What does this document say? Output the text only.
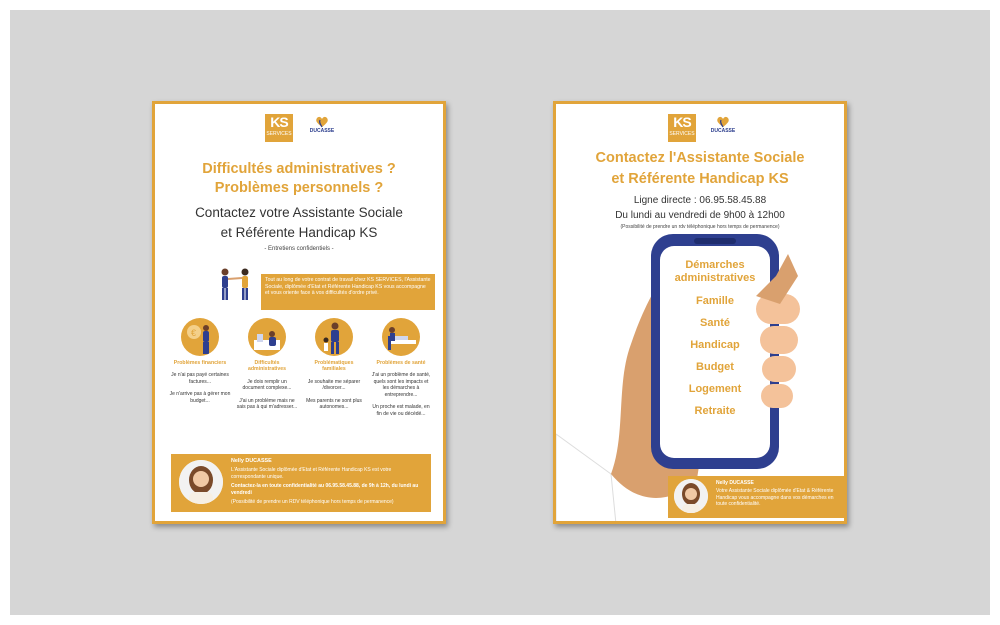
KS
SERVICES	DUCASSE
Difficultés administratives ?
Problèmes personnels ?
Contactez votre Assistante Sociale
et Référente Handicap KS
- Entretiens confidentiels -
Tout au long de votre contrat de travail chez KS SERVICES, l'Assistante Sociale, diplômée d'Etat et Référente Handicap KS vous accompagne et vous oriente face à vos difficultés d'ordre privé.
€
Problèmes financiers
Je n'ai pas payé certaines factures...
Je n'arrive pas à gérer mon budget...
Difficultés administratives
Je dois remplir un document complexe...
J'ai un problème mais ne sais pas à qui m'adresser...
Problématiques familiales
Je souhaite me séparer /divorcer...
Mes parents ne sont plus autonomes...
Problèmes de santé
J'ai un problème de santé, quels sont les impacts et les démarches à entreprendre...
Un proche est malade, en fin de vie ou décédé...
Nelly DUCASSE
L'Assistante Sociale diplômée d'Etat et Référente Handicap KS est votre correspondante unique.
Contactez-la en toute confidentialité au 06.95.58.45.88, de 9h à 12h, du lundi au vendredi
(Possibilité de prendre un RDV téléphonique hors temps de permanence)
KS
SERVICES	DUCASSE
Contactez l'Assistante Sociale
et Référente Handicap KS
Ligne directe : 06.95.58.45.88
Du lundi au vendredi de 9h00 à 12h00
(Possibilité de prendre un rdv téléphonique hors temps de permanence)
Démarches administratives
Famille
Santé
Handicap
Budget
Logement
Retraite
Nelly DUCASSE
Votre Assistante Sociale diplômée d'Etat & Référente Handicap vous accompagne dans vos démarches en toute confidentialité.
